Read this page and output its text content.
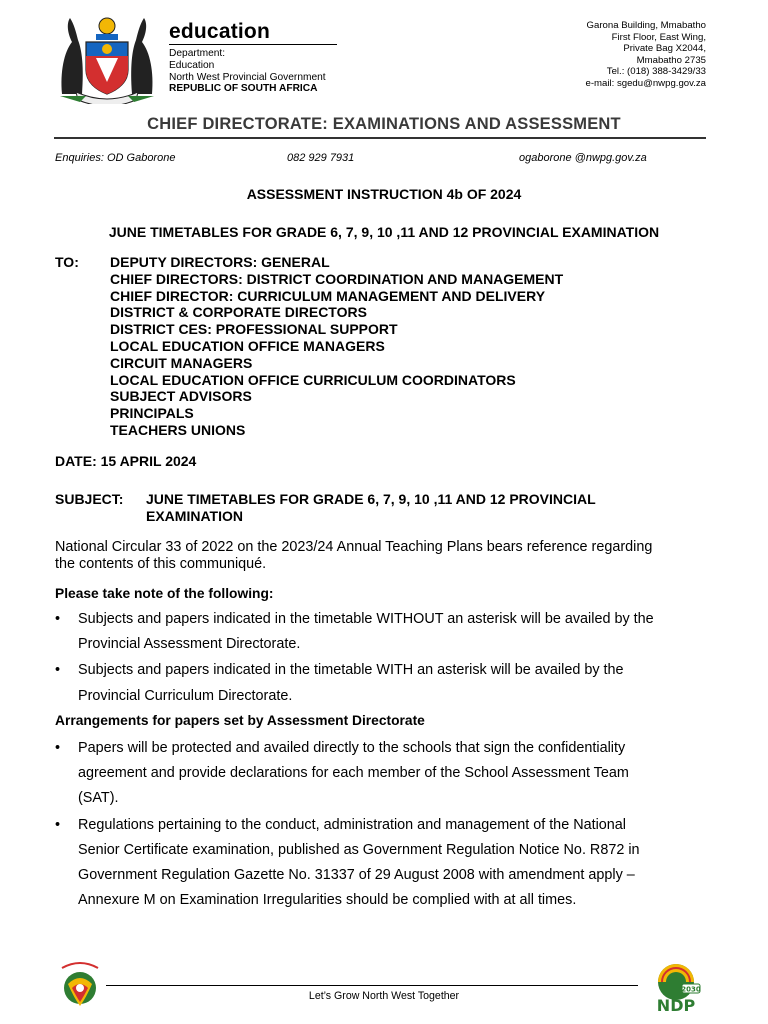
education
Department:
Education
North West Provincial Government
REPUBLIC OF SOUTH AFRICA
Garona Building, Mmabatho
First Floor, East Wing,
Private Bag X2044,
Mmabatho 2735
Tel.: (018) 388-3429/33
e-mail: sgedu@nwpg.gov.za
CHIEF DIRECTORATE: EXAMINATIONS AND ASSESSMENT
Enquiries: OD Gaborone	082 929 7931	ogaborone @nwpg.gov.za
ASSESSMENT INSTRUCTION 4b OF 2024
JUNE TIMETABLES FOR GRADE 6, 7, 9, 10 ,11 AND 12 PROVINCIAL EXAMINATION
TO: DEPUTY DIRECTORS: GENERAL
CHIEF DIRECTORS: DISTRICT COORDINATION AND MANAGEMENT
CHIEF DIRECTOR: CURRICULUM MANAGEMENT AND DELIVERY
DISTRICT & CORPORATE DIRECTORS
DISTRICT CES: PROFESSIONAL SUPPORT
LOCAL EDUCATION OFFICE MANAGERS
CIRCUIT MANAGERS
LOCAL EDUCATION OFFICE CURRICULUM COORDINATORS
SUBJECT ADVISORS
PRINCIPALS
TEACHERS UNIONS
DATE: 15 APRIL 2024
SUBJECT: JUNE TIMETABLES FOR GRADE 6, 7, 9, 10 ,11 AND 12 PROVINCIAL
EXAMINATION
National Circular 33 of 2022 on the 2023/24 Annual Teaching Plans bears reference regarding
the contents of this communiqué.
Please take note of the following:
• Subjects and papers indicated in the timetable WITHOUT an asterisk will be availed by the
Provincial Assessment Directorate.
• Subjects and papers indicated in the timetable WITH an asterisk will be availed by the
Provincial Curriculum Directorate.
Arrangements for papers set by Assessment Directorate
• Papers will be protected and availed directly to the schools that sign the confidentiality
agreement and provide declarations for each member of the School Assessment Team
(SAT).
• Regulations pertaining to the conduct, administration and management of the National
Senior Certificate examination, published as Government Regulation Notice No. R872 in
Government Regulation Gazette No. 31337 of 29 August 2008 with amendment apply –
Annexure M on Examination Irregularities should be complied with at all times.
Let’s Grow North West Together
2030
NDP
